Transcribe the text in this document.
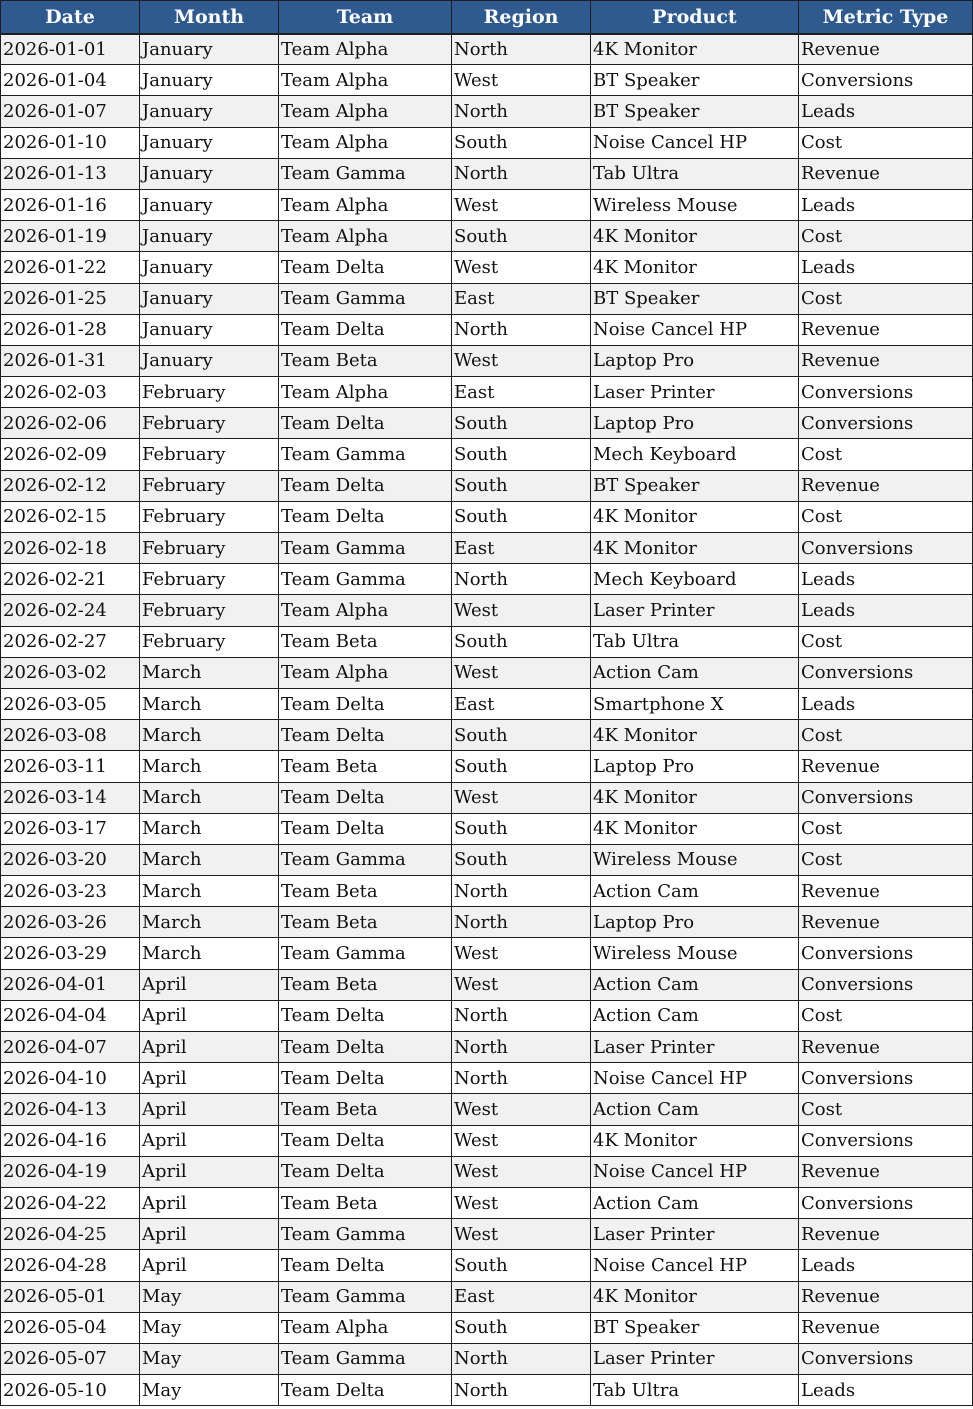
Date	Month	Team	Region	Product	Metric Type
2026-01-01	January	Team Alpha	North	4K Monitor	Revenue
2026-01-04	January	Team Alpha	West	BT Speaker	Conversions
2026-01-07	January	Team Alpha	North	BT Speaker	Leads
2026-01-10	January	Team Alpha	South	Noise Cancel HP	Cost
2026-01-13	January	Team Gamma	North	Tab Ultra	Revenue
2026-01-16	January	Team Alpha	West	Wireless Mouse	Leads
2026-01-19	January	Team Alpha	South	4K Monitor	Cost
2026-01-22	January	Team Delta	West	4K Monitor	Leads
2026-01-25	January	Team Gamma	East	BT Speaker	Cost
2026-01-28	January	Team Delta	North	Noise Cancel HP	Revenue
2026-01-31	January	Team Beta	West	Laptop Pro	Revenue
2026-02-03	February	Team Alpha	East	Laser Printer	Conversions
2026-02-06	February	Team Delta	South	Laptop Pro	Conversions
2026-02-09	February	Team Gamma	South	Mech Keyboard	Cost
2026-02-12	February	Team Delta	South	BT Speaker	Revenue
2026-02-15	February	Team Delta	South	4K Monitor	Cost
2026-02-18	February	Team Gamma	East	4K Monitor	Conversions
2026-02-21	February	Team Gamma	North	Mech Keyboard	Leads
2026-02-24	February	Team Alpha	West	Laser Printer	Leads
2026-02-27	February	Team Beta	South	Tab Ultra	Cost
2026-03-02	March	Team Alpha	West	Action Cam	Conversions
2026-03-05	March	Team Delta	East	Smartphone X	Leads
2026-03-08	March	Team Delta	South	4K Monitor	Cost
2026-03-11	March	Team Beta	South	Laptop Pro	Revenue
2026-03-14	March	Team Delta	West	4K Monitor	Conversions
2026-03-17	March	Team Delta	South	4K Monitor	Cost
2026-03-20	March	Team Gamma	South	Wireless Mouse	Cost
2026-03-23	March	Team Beta	North	Action Cam	Revenue
2026-03-26	March	Team Beta	North	Laptop Pro	Revenue
2026-03-29	March	Team Gamma	West	Wireless Mouse	Conversions
2026-04-01	April	Team Beta	West	Action Cam	Conversions
2026-04-04	April	Team Delta	North	Action Cam	Cost
2026-04-07	April	Team Delta	North	Laser Printer	Revenue
2026-04-10	April	Team Delta	North	Noise Cancel HP	Conversions
2026-04-13	April	Team Beta	West	Action Cam	Cost
2026-04-16	April	Team Delta	West	4K Monitor	Conversions
2026-04-19	April	Team Delta	West	Noise Cancel HP	Revenue
2026-04-22	April	Team Beta	West	Action Cam	Conversions
2026-04-25	April	Team Gamma	West	Laser Printer	Revenue
2026-04-28	April	Team Delta	South	Noise Cancel HP	Leads
2026-05-01	May	Team Gamma	East	4K Monitor	Revenue
2026-05-04	May	Team Alpha	South	BT Speaker	Revenue
2026-05-07	May	Team Gamma	North	Laser Printer	Conversions
2026-05-10	May	Team Delta	North	Tab Ultra	Leads
